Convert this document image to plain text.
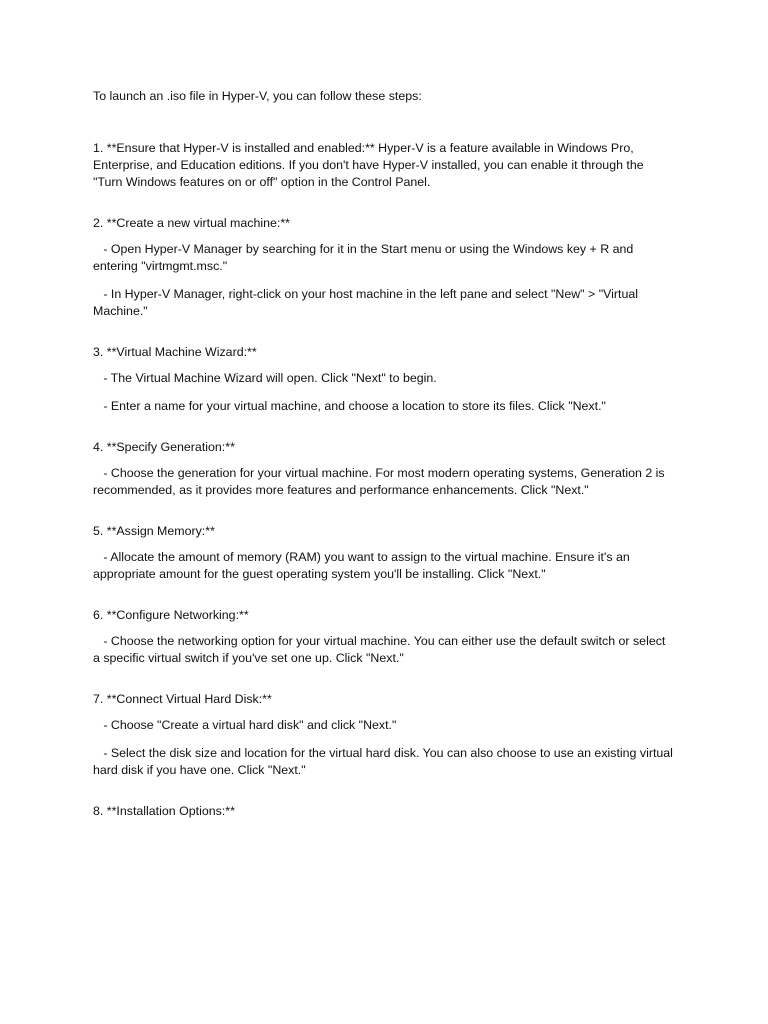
To launch an .iso file in Hyper-V, you can follow these steps:

1. **Ensure that Hyper-V is installed and enabled:** Hyper-V is a feature available in Windows Pro, Enterprise, and Education editions. If you don't have Hyper-V installed, you can enable it through the "Turn Windows features on or off" option in the Control Panel.

2. **Create a new virtual machine:**

- Open Hyper-V Manager by searching for it in the Start menu or using the Windows key + R and entering "virtmgmt.msc."

- In Hyper-V Manager, right-click on your host machine in the left pane and select "New" > "Virtual Machine."

3. **Virtual Machine Wizard:**

- The Virtual Machine Wizard will open. Click "Next" to begin.

- Enter a name for your virtual machine, and choose a location to store its files. Click "Next."

4. **Specify Generation:**

- Choose the generation for your virtual machine. For most modern operating systems, Generation 2 is recommended, as it provides more features and performance enhancements. Click "Next."

5. **Assign Memory:**

- Allocate the amount of memory (RAM) you want to assign to the virtual machine. Ensure it's an appropriate amount for the guest operating system you'll be installing. Click "Next."

6. **Configure Networking:**

- Choose the networking option for your virtual machine. You can either use the default switch or select a specific virtual switch if you've set one up. Click "Next."

7. **Connect Virtual Hard Disk:**

- Choose "Create a virtual hard disk" and click "Next."

- Select the disk size and location for the virtual hard disk. You can also choose to use an existing virtual hard disk if you have one. Click "Next."

8. **Installation Options:**
